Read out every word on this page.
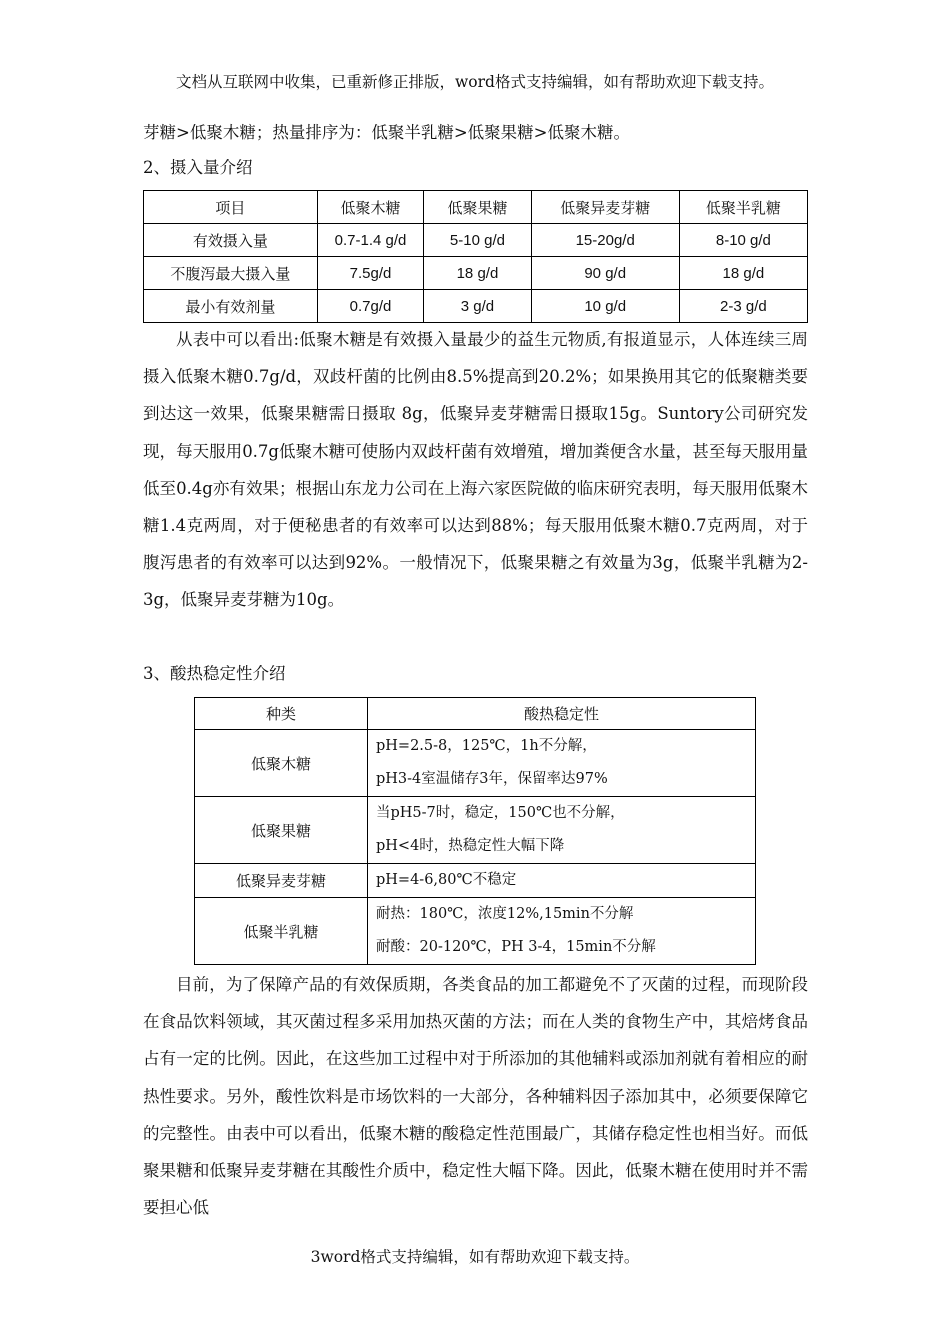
文档从互联网中收集，已重新修正排版，word格式支持编辑，如有帮助欢迎下载支持。
芽糖>低聚木糖；热量排序为：低聚半乳糖>低聚果糖>低聚木糖。
2、摄入量介绍
项目	低聚木糖	低聚果糖	低聚异麦芽糖	低聚半乳糖
有效摄入量	0.7-1.4 g/d	5-10 g/d	15-20g/d	8-10 g/d
不腹泻最大摄入量	7.5g/d	18 g/d	90 g/d	18 g/d
最小有效剂量	0.7g/d	3 g/d	10 g/d	2-3 g/d

从表中可以看出:低聚木糖是有效摄入量最少的益生元物质,有报道显示，人体连续三周摄入低聚木糖0.7g/d，双歧杆菌的比例由8.5%提高到20.2%；如果换用其它的低聚糖类要到达这一效果，低聚果糖需日摄取 8g，低聚异麦芽糖需日摄取15g。Suntory公司研究发现，每天服用0.7g低聚木糖可使肠内双歧杆菌有效增殖，增加粪便含水量，甚至每天服用量低至0.4g亦有效果；根据山东龙力公司在上海六家医院做的临床研究表明，每天服用低聚木糖1.4克两周，对于便秘患者的有效率可以达到88%；每天服用低聚木糖0.7克两周，对于腹泻患者的有效率可以达到92%。一般情况下，低聚果糖之有效量为3g，低聚半乳糖为2-3g，低聚异麦芽糖为10g。

3、酸热稳定性介绍
种类	酸热稳定性
低聚木糖	pH=2.5-8，125℃，1h不分解，
pH3-4室温储存3年，保留率达97%

低聚果糖	当pH5-7时，稳定，150℃也不分解，
pH<4时，热稳定性大幅下降

低聚异麦芽糖	pH=4-6,80℃不稳定

低聚半乳糖	耐热：180℃，浓度12%,15min不分解
耐酸：20-120℃，PH 3-4，15min不分解

目前，为了保障产品的有效保质期，各类食品的加工都避免不了灭菌的过程，而现阶段在食品饮料领域，其灭菌过程多采用加热灭菌的方法；而在人类的食物生产中，其焙烤食品占有一定的比例。因此，在这些加工过程中对于所添加的其他辅料或添加剂就有着相应的耐热性要求。另外，酸性饮料是市场饮料的一大部分，各种辅料因子添加其中，必须要保障它的完整性。由表中可以看出，低聚木糖的酸稳定性范围最广，其储存稳定性也相当好。而低聚果糖和低聚异麦芽糖在其酸性介质中，稳定性大幅下降。因此，低聚木糖在使用时并不需要担心低

3word格式支持编辑，如有帮助欢迎下载支持。
